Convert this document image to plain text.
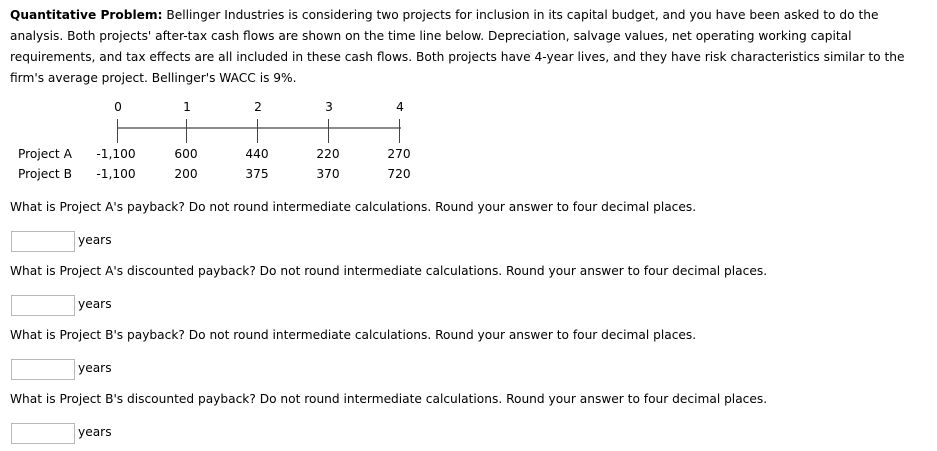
Quantitative Problem: Bellinger Industries is considering two projects for inclusion in its capital budget, and you have been asked to do the analysis. Both projects' after-tax cash flows are shown on the time line below. Depreciation, salvage values, net operating working capital requirements, and tax effects are all included in these cash flows. Both projects have 4-year lives, and they have risk characteristics similar to the firm's average project. Bellinger's WACC is 9%.

0	1	2	3	4
Project A	-1,100	600	440	220	270
Project B	-1,100	200	375	370	720
What is Project A's payback? Do not round intermediate calculations. Round your answer to four decimal places.
years
What is Project A's discounted payback? Do not round intermediate calculations. Round your answer to four decimal places.
years
What is Project B's payback? Do not round intermediate calculations. Round your answer to four decimal places.
years
What is Project B's discounted payback? Do not round intermediate calculations. Round your answer to four decimal places.
years
